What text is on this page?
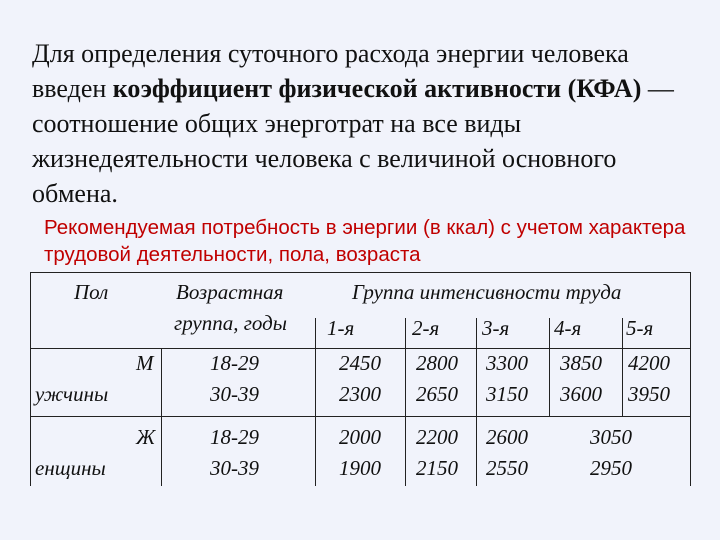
Для определения суточного расхода энергии человека введен коэффициент физической активности (КФА) — соотношение общих энерготрат на все виды жизнедеятельности человека с величиной основного обмена.

Рекомендуемая потребность в энергии (в ккал) с учетом характера трудовой деятельности, пола, возраста

Пол	Возрастная
группа, годы
Группа интенсивности труда
1-я	2-я 3-я 4-я 5-я
М
ужчины
18-29
30-39
2450
2300
2800
2650
3300
3150
3850
3600
4200
3950
Ж
енщины
18-29
30-39
2000
1900
2200
2150
2600
2550
3050
2950
